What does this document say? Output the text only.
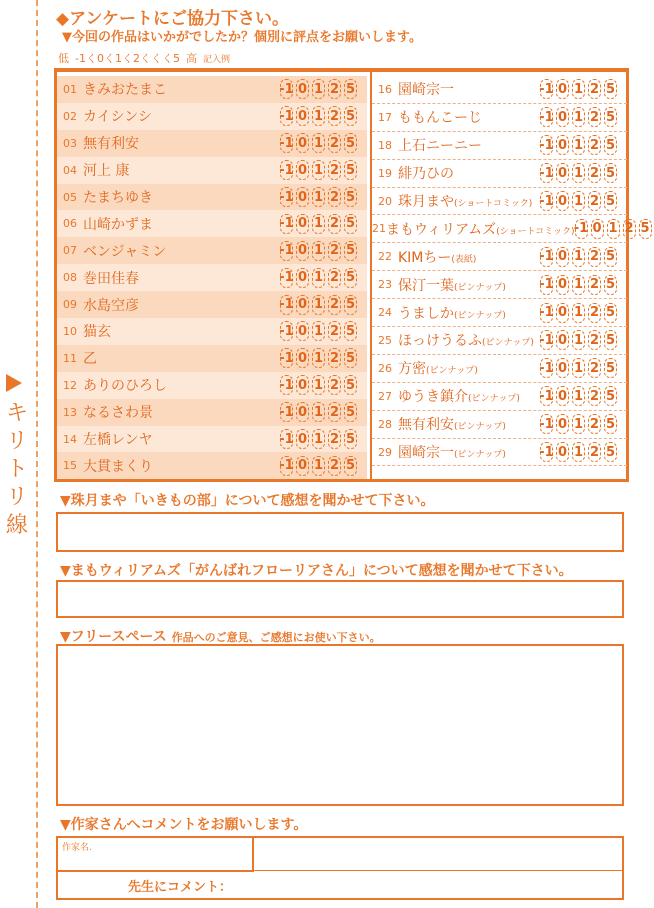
キリトリ線
◆アンケートにご協力下さい。
▼今回の作品はいかがでしたか？個別に評点をお願いします。
低 -1く0く1く2くくく5 高 記入例
01 きみおたまこ	-1 0 1 2 5
02 カイシンシ	-1 0 1 2 5
03 無有利安	-1 0 1 2 5
04 河上 康	-1 0 1 2 5
05 たまちゆき	-1 0 1 2 5
06 山崎かずま	-1 0 1 2 5
07 ベンジャミン	-1 0 1 2 5
08 巻田佳春	-1 0 1 2 5
09 水島空彦	-1 0 1 2 5
10 猫玄	-1 0 1 2 5
11 乙	-1 0 1 2 5
12 ありのひろし	-1 0 1 2 5
13 なるさわ景	-1 0 1 2 5
14 左橋レンヤ	-1 0 1 2 5
15 大貫まくり	-1 0 1 2 5
16 園崎宗一	-1 0 1 2 5
17 ももんこーじ	-1 0 1 2 5
18 上石ニーニー	-1 0 1 2 5
19 緋乃ひの	-1 0 1 2 5
20 珠月まや(ショートコミック) -1 0 1 2 5
21 まもウィリアムズ(ショートコミック) -1 0 1 2 5
22 KIMちー(表紙)	-1 0 1 2 5
23 保汀一葉(ピンナップ)	-1 0 1 2 5
24 うましか(ピンナップ)	-1 0 1 2 5
25 ほっけうるふ(ピンナップ) -1 0 1 2 5
26 方密(ピンナップ)	-1 0 1 2 5
27 ゆうき鎮介(ピンナップ)	-1 0 1 2 5
28 無有利安(ピンナップ)	-1 0 1 2 5
29 園崎宗一(ピンナップ)	-1 0 1 2 5
▼珠月まや「いきもの部」について感想を聞かせて下さい。
▼まもウィリアムズ「がんばれフローリアさん」について感想を聞かせて下さい。
▼フリースペース 作品へのご意見、ご感想にお使い下さい。
▼作家さんへコメントをお願いします。
作家名.
先生にコメント：
